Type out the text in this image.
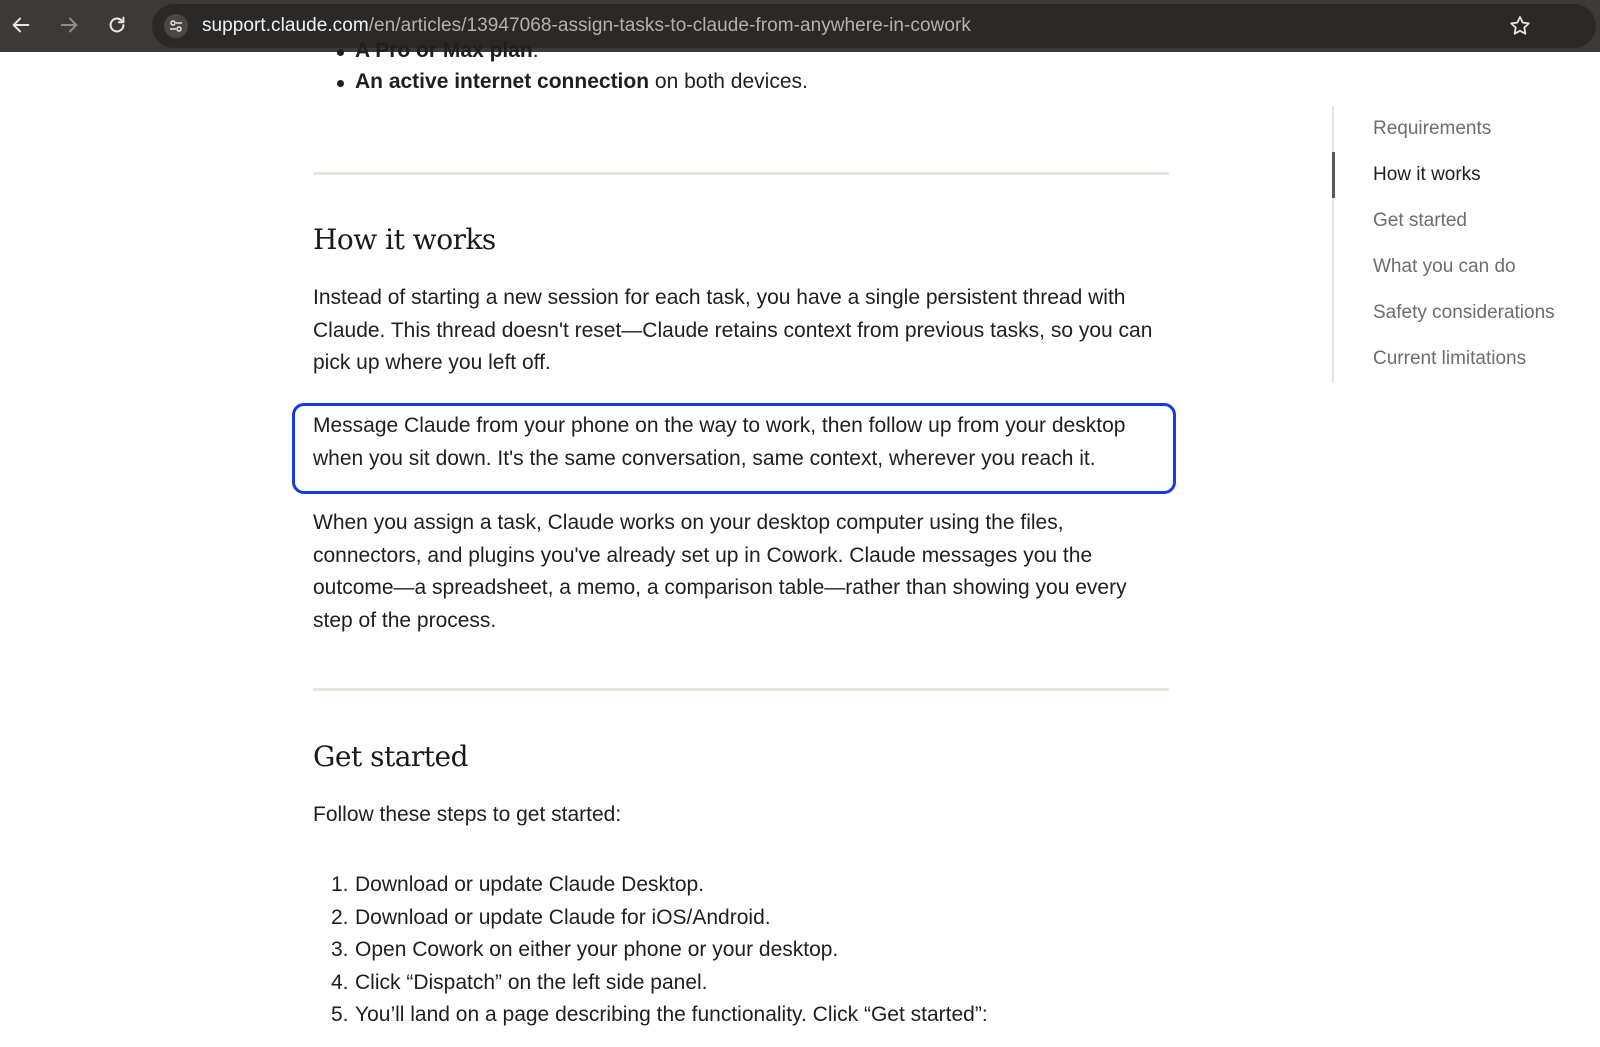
support.claude.com/en/articles/13947068-assign-tasks-to-claude-from-anywhere-in-cowork
A Pro or Max plan.
An active internet connection on both devices.
How it works

Instead of starting a new session for each task, you have a single persistent thread with Claude. This thread doesn't reset—Claude retains context from previous tasks, so you can pick up where you left off.

Message Claude from your phone on the way to work, then follow up from your desktop when you sit down. It's the same conversation, same context, wherever you reach it.

When you assign a task, Claude works on your desktop computer using the files, connectors, and plugins you've already set up in Cowork. Claude messages you the outcome—a spreadsheet, a memo, a comparison table—rather than showing you every step of the process.

Get started

Follow these steps to get started:

1. Download or update Claude Desktop.
2. Download or update Claude for iOS/Android.
3. Open Cowork on either your phone or your desktop.
4. Click “Dispatch” on the left side panel.
5. You’ll land on a page describing the functionality. Click “Get started”:
Requirements
How it works
Get started
What you can do
Safety considerations
Current limitations
